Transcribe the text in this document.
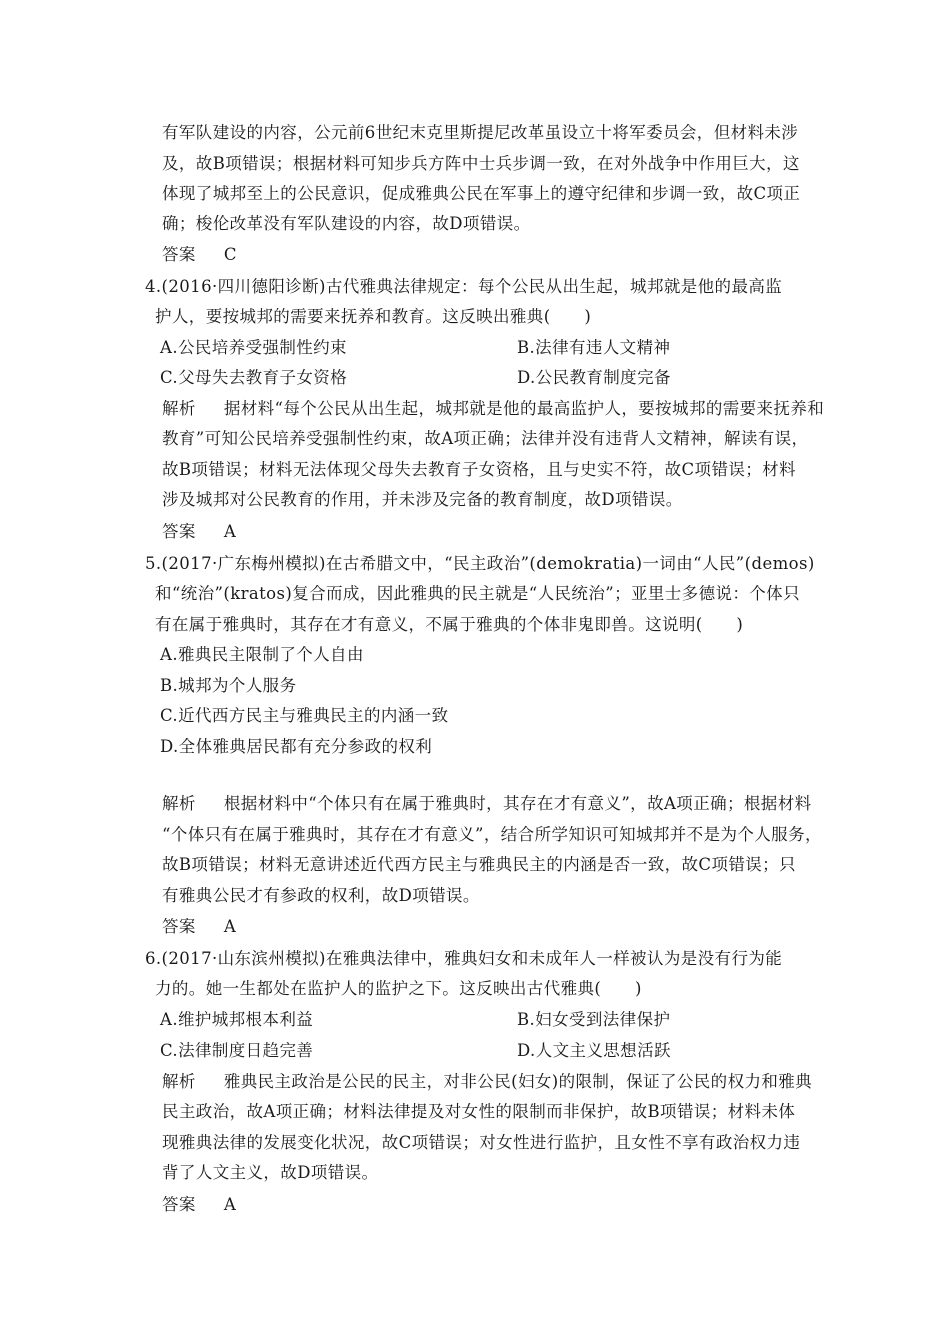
有军队建设的内容，公元前6世纪末克里斯提尼改革虽设立十将军委员会，但材料未涉
及，故B项错误；根据材料可知步兵方阵中士兵步调一致，在对外战争中作用巨大，这
体现了城邦至上的公民意识，促成雅典公民在军事上的遵守纪律和步调一致，故C项正
确；梭伦改革没有军队建设的内容，故D项错误。
答案 C
4.(2016·四川德阳诊断)古代雅典法律规定：每个公民从出生起，城邦就是他的最高监
护人，要按城邦的需要来抚养和教育。这反映出雅典(　　)
A.公民培养受强制性约束	B.法律有违人文精神
C.父母失去教育子女资格	D.公民教育制度完备
解析 据材料“每个公民从出生起，城邦就是他的最高监护人，要按城邦的需要来抚养和
教育”可知公民培养受强制性约束，故A项正确；法律并没有违背人文精神，解读有误，
故B项错误；材料无法体现父母失去教育子女资格，且与史实不符，故C项错误；材料
涉及城邦对公民教育的作用，并未涉及完备的教育制度，故D项错误。
答案 A
5.(2017·广东梅州模拟)在古希腊文中，“民主政治”(demokratia)一词由“人民”(demos)
和“统治”(kratos)复合而成，因此雅典的民主就是“人民统治”；亚里士多德说：个体只
有在属于雅典时，其存在才有意义，不属于雅典的个体非鬼即兽。这说明(　　)
A.雅典民主限制了个人自由
B.城邦为个人服务
C.近代西方民主与雅典民主的内涵一致
D.全体雅典居民都有充分参政的权利
解析 根据材料中“个体只有在属于雅典时，其存在才有意义”，故A项正确；根据材料
“个体只有在属于雅典时，其存在才有意义”，结合所学知识可知城邦并不是为个人服务，
故B项错误；材料无意讲述近代西方民主与雅典民主的内涵是否一致，故C项错误；只
有雅典公民才有参政的权利，故D项错误。
答案 A
6.(2017·山东滨州模拟)在雅典法律中，雅典妇女和未成年人一样被认为是没有行为能
力的。她一生都处在监护人的监护之下。这反映出古代雅典(　　)
A.维护城邦根本利益	B.妇女受到法律保护
C.法律制度日趋完善	D.人文主义思想活跃
解析 雅典民主政治是公民的民主，对非公民(妇女)的限制，保证了公民的权力和雅典
民主政治，故A项正确；材料法律提及对女性的限制而非保护，故B项错误；材料未体
现雅典法律的发展变化状况，故C项错误；对女性进行监护，且女性不享有政治权力违
背了人文主义，故D项错误。
答案 A
